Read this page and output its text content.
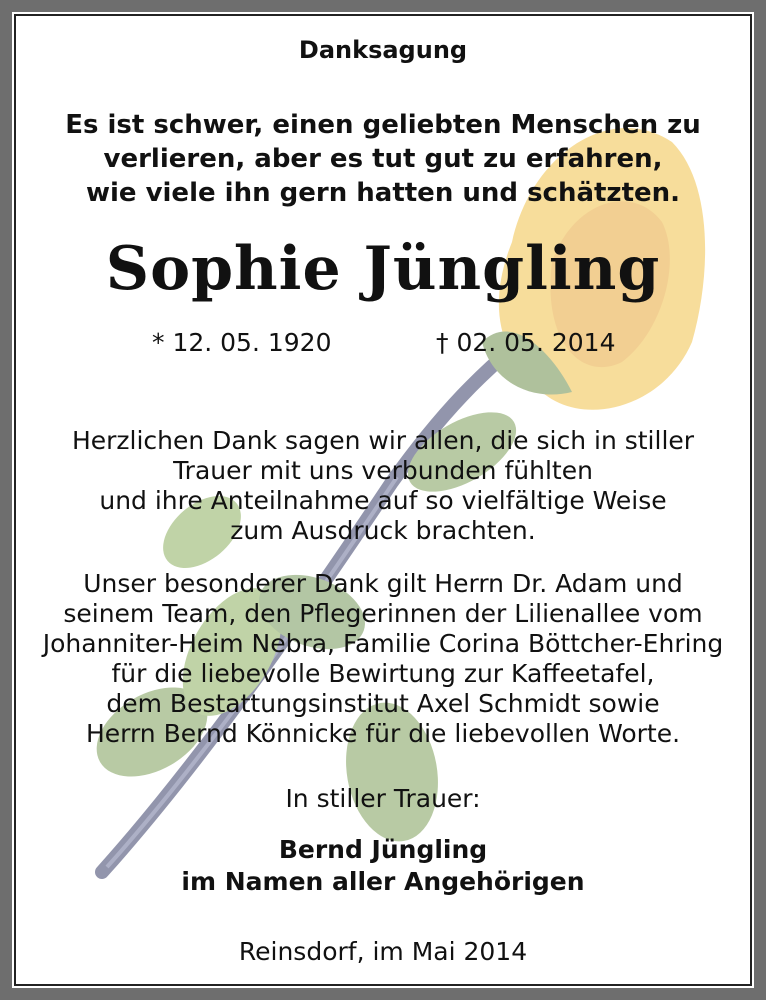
Danksagung
Es ist schwer, einen geliebten Menschen zu
verlieren, aber es tut gut zu erfahren,
wie viele ihn gern hatten und schätzten.
Sophie Jüngling
* 12. 05. 1920	† 02. 05. 2014
Herzlichen Dank sagen wir allen, die sich in stiller
Trauer mit uns verbunden fühlten
und ihre Anteilnahme auf so vielfältige Weise
zum Ausdruck brachten.
Unser besonderer Dank gilt Herrn Dr. Adam und
seinem Team, den Pflegerinnen der Lilienallee vom
Johanniter-Heim Nebra, Familie Corina Böttcher-Ehring
für die liebevolle Bewirtung zur Kaffeetafel,
dem Bestattungsinstitut Axel Schmidt sowie
Herrn Bernd Könnicke für die liebevollen Worte.
In stiller Trauer:
Bernd Jüngling
im Namen aller Angehörigen
Reinsdorf, im Mai 2014
